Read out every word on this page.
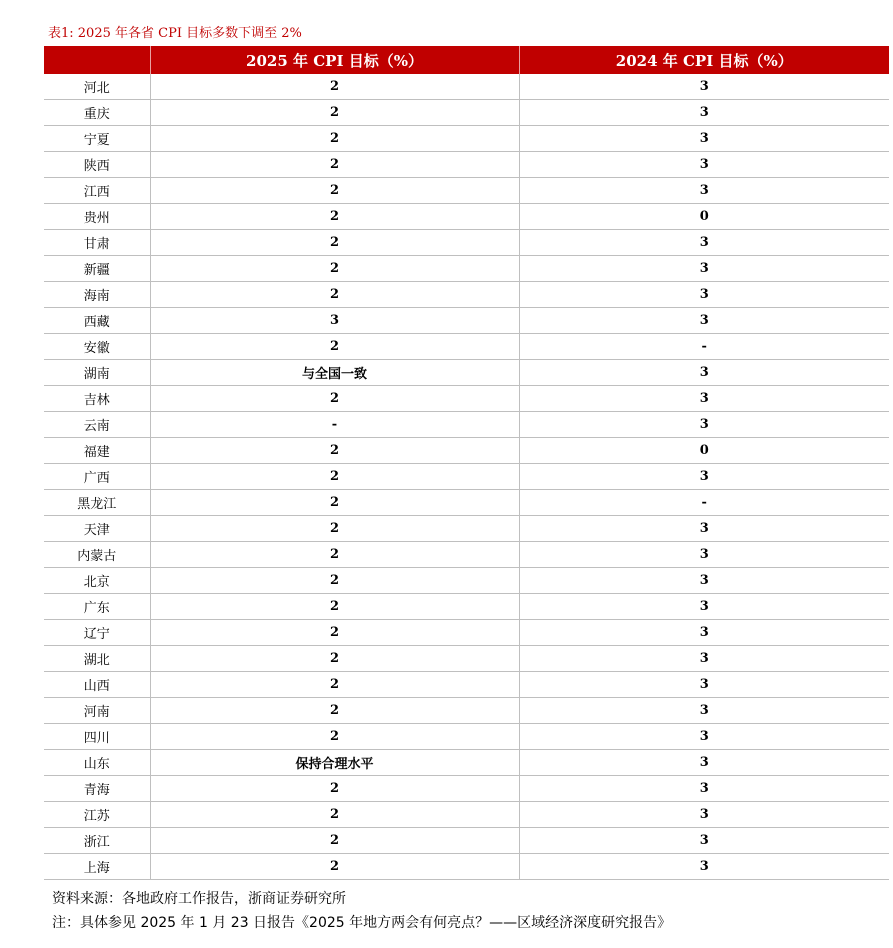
表1: 2025 年各省 CPI 目标多数下调至 2%
	2025 年 CPI 目标（%）	2024 年 CPI 目标（%）
河北	2	3
重庆	2	3
宁夏	2	3
陕西	2	3
江西	2	3
贵州	2	0
甘肃	2	3
新疆	2	3
海南	2	3
西藏	3	3
安徽	2	-
湖南	与全国一致	3
吉林	2	3
云南	-	3
福建	2	0
广西	2	3
黑龙江	2	-
天津	2	3
内蒙古	2	3
北京	2	3
广东	2	3
辽宁	2	3
湖北	2	3
山西	2	3
河南	2	3
四川	2	3
山东	保持合理水平	3
青海	2	3
江苏	2	3
浙江	2	3
上海	2	3
资料来源：各地政府工作报告，浙商证券研究所
注：具体参见 2025 年 1 月 23 日报告《2025 年地方两会有何亮点？——区域经济深度研究报告》
